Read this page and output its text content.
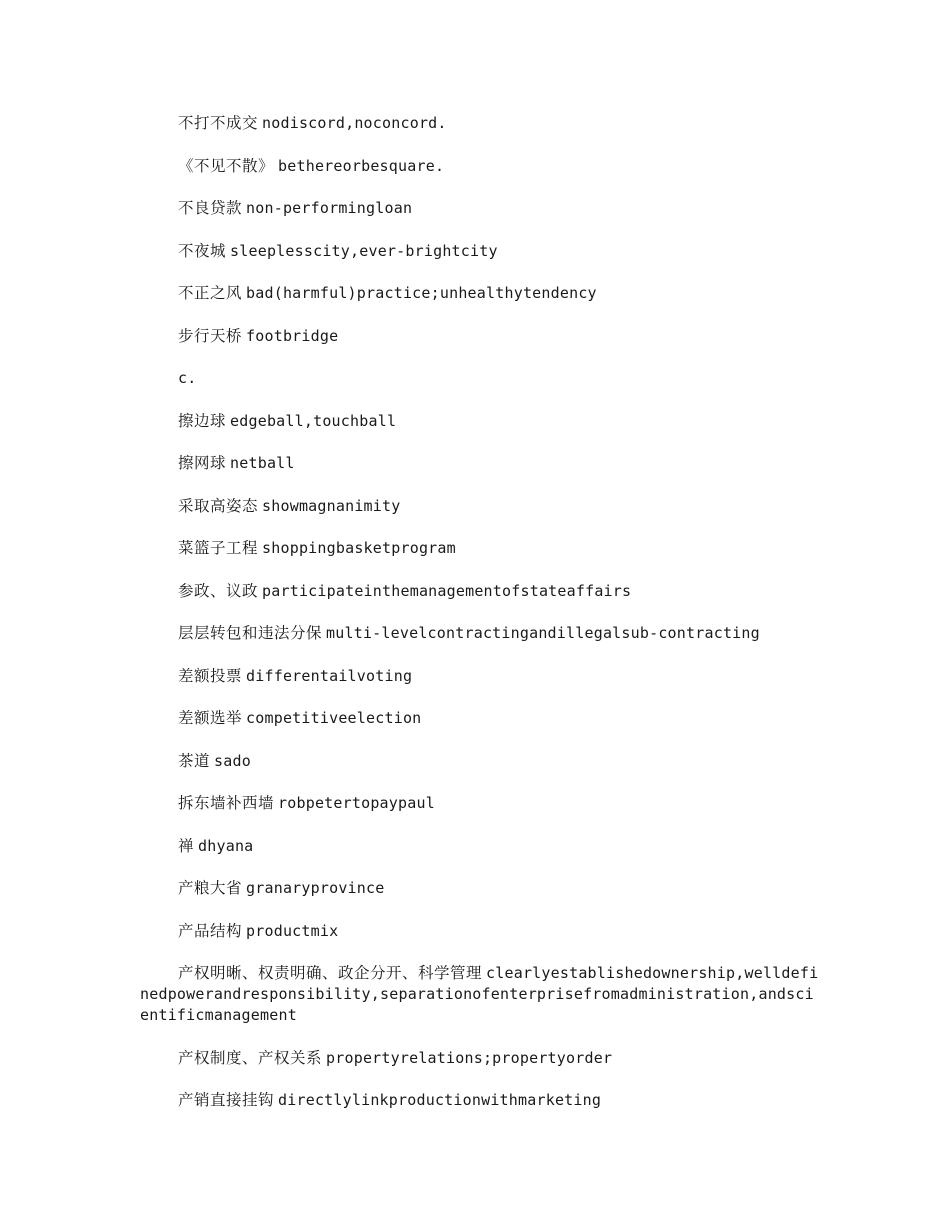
不打不成交 nodiscord,noconcord.

《不见不散》 bethereorbesquare.

不良贷款 non-performingloan

不夜城 sleeplesscity,ever-brightcity

不正之风 bad(harmful)practice;unhealthytendency

步行天桥 footbridge

c.

擦边球 edgeball,touchball

擦网球 netball

采取高姿态 showmagnanimity

菜篮子工程 shoppingbasketprogram

参政、议政 participateinthemanagementofstateaffairs

层层转包和违法分保 multi-levelcontractingandillegalsub-contracting

差额投票 differentailvoting

差额选举 competitiveelection

茶道 sado

拆东墙补西墙 robpetertopaypaul

禅 dhyana

产粮大省 granaryprovince

产品结构 productmix

产权明晰、权责明确、政企分开、科学管理 clearlyestablishedownership,welldefinedpowerandresponsibility,separationofenterprisefromadministration,andscientificmanagement

产权制度、产权关系 propertyrelations;propertyorder

产销直接挂钩 directlylinkproductionwithmarketing
